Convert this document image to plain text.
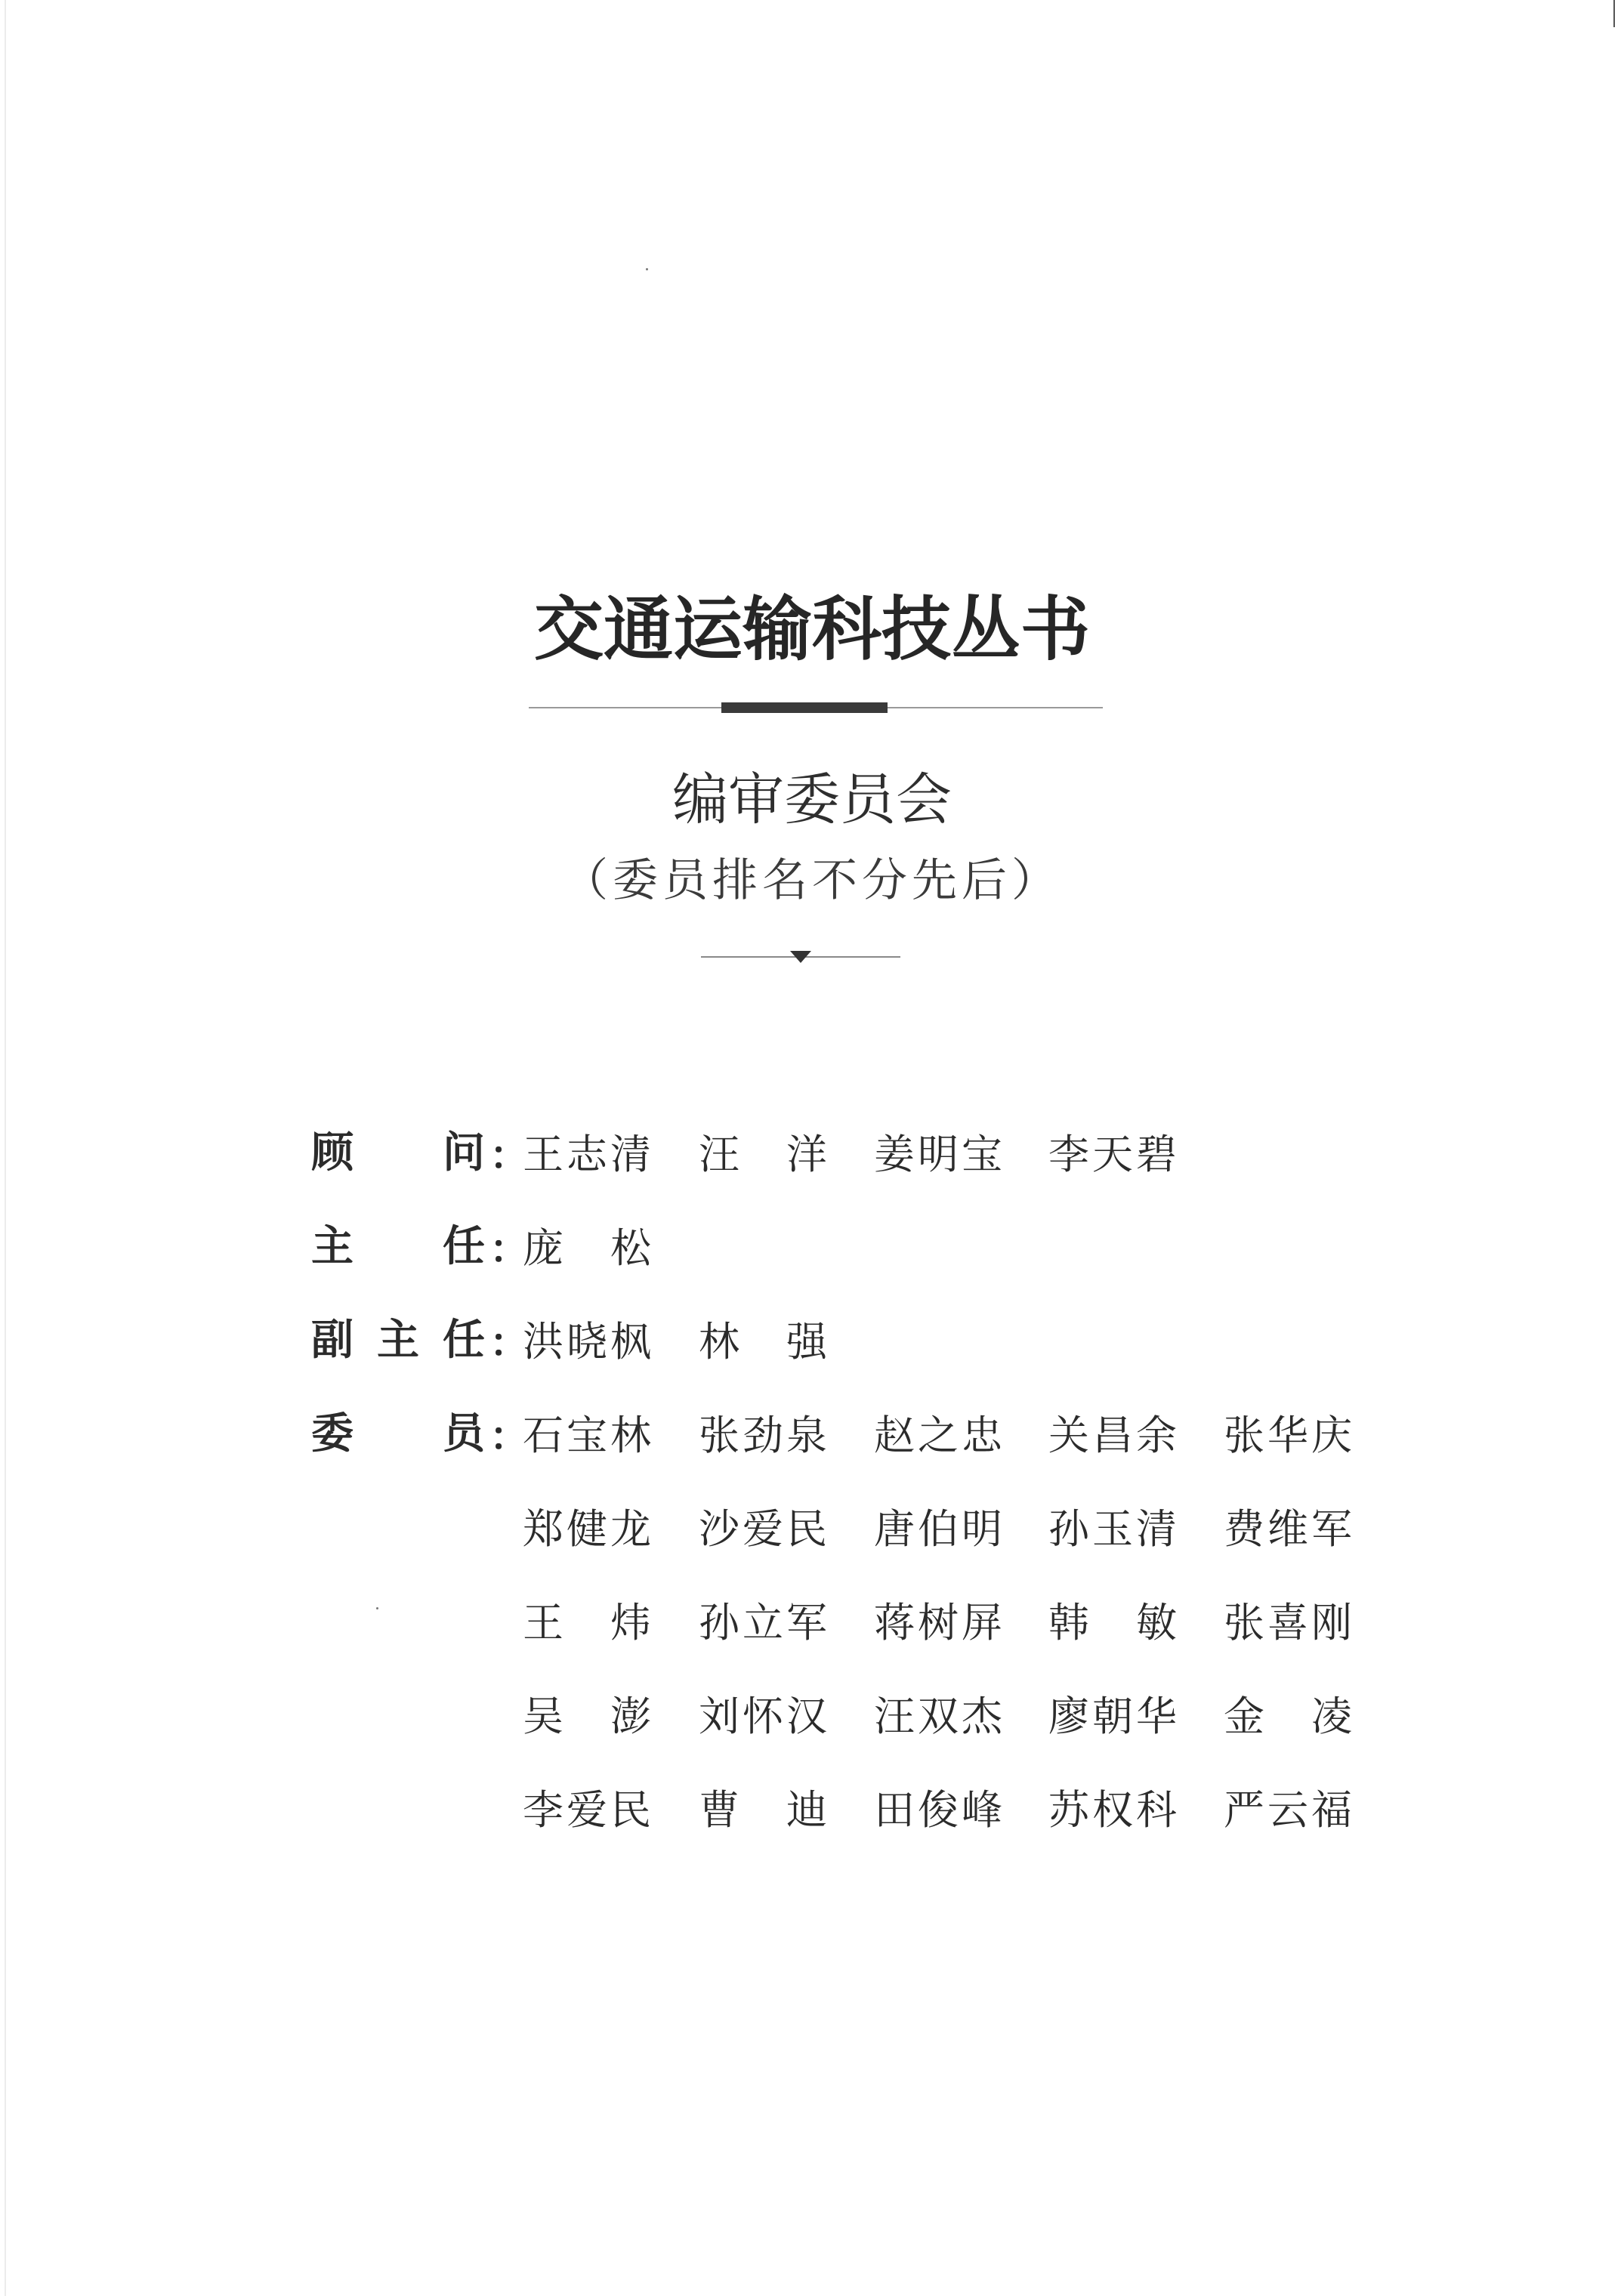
交通运输科技丛书
编审委员会
（委员排名不分先后）
顾 问 ：
王 志 清 汪 洋 姜 明 宝 李 天 碧
主 任 ：
庞 松
副 主 任 ：
洪 晓 枫 林 强
委 员 ：
石 宝 林 张 劲 泉 赵 之 忠 关 昌 余 张 华 庆
郑 健 龙 沙 爱 民 唐 伯 明 孙 玉 清 费 维 军
王 炜 孙 立 军 蒋 树 屏 韩 敏 张 喜 刚
吴 澎 刘 怀 汉 汪 双 杰 廖 朝 华 金 凌
李 爱 民 曹 迪 田 俊 峰 苏 权 科 严 云 福
